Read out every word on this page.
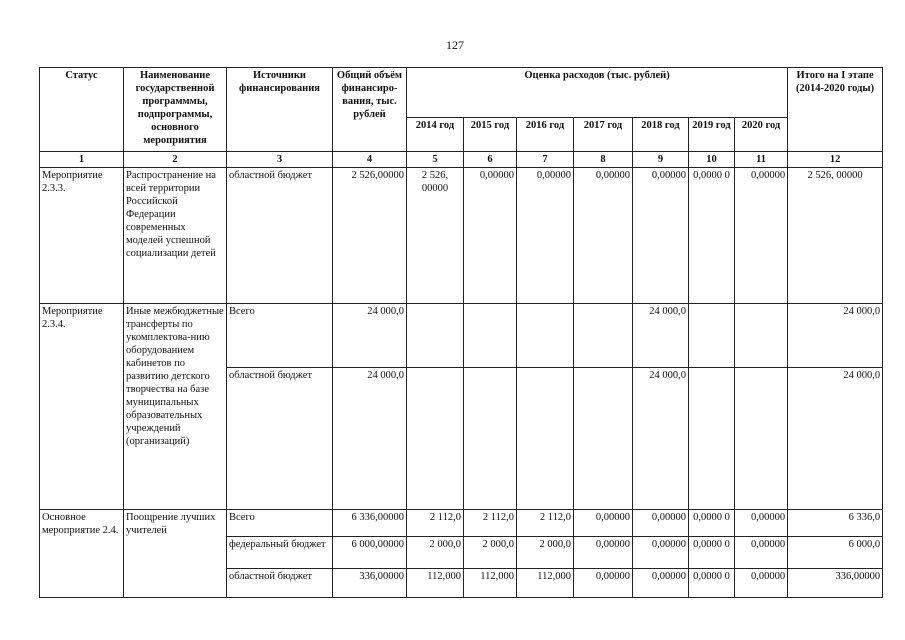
127
Статус	Наименование государственной программмы, подпрограммы, основного мероприятия	Источники финансирования	Общий объём финансиро-вания, тыс. рублей	Оценка расходов (тыс. рублей)							Итого на I этапе (2014-2020 годы)
				2014 год	2015 год	2016 год	2017 год	2018 год	2019 год	2020 год	
1	2	3	4	5	6	7	8	9	10	11	12
Мероприятие 2.3.3.	Распространение на всей территории Российской Федерации современных моделей успешной социализации детей	областной бюджет	2 526,00000	2 526, 00000	0,00000	0,00000	0,00000	0,00000	0,0000 0	0,00000	2 526, 00000
Мероприятие 2.3.4.	Иные межбюджетные трансферты по укомплектова-нию оборудованием кабинетов по развитию детского творчества на базе муниципальных образовательных учреждений (организаций)	Всего	24 000,0					24 000,0			24 000,0
		областной бюджет	24 000,0					24 000,0			24 000,0
Основное мероприятие 2.4.	Поощрение лучших учителей	Всего	6 336,00000	2 112,0	2 112,0	2 112,0	0,00000	0,00000	0,0000 0	0,00000	6 336,0
		федеральный бюджет	6 000,00000	2 000,0	2 000,0	2 000,0	0,00000	0,00000	0,0000 0	0,00000	6 000,0
		областной бюджет	336,00000	112,000	112,000	112,000	0,00000	0,00000	0,0000 0	0,00000	336,00000
